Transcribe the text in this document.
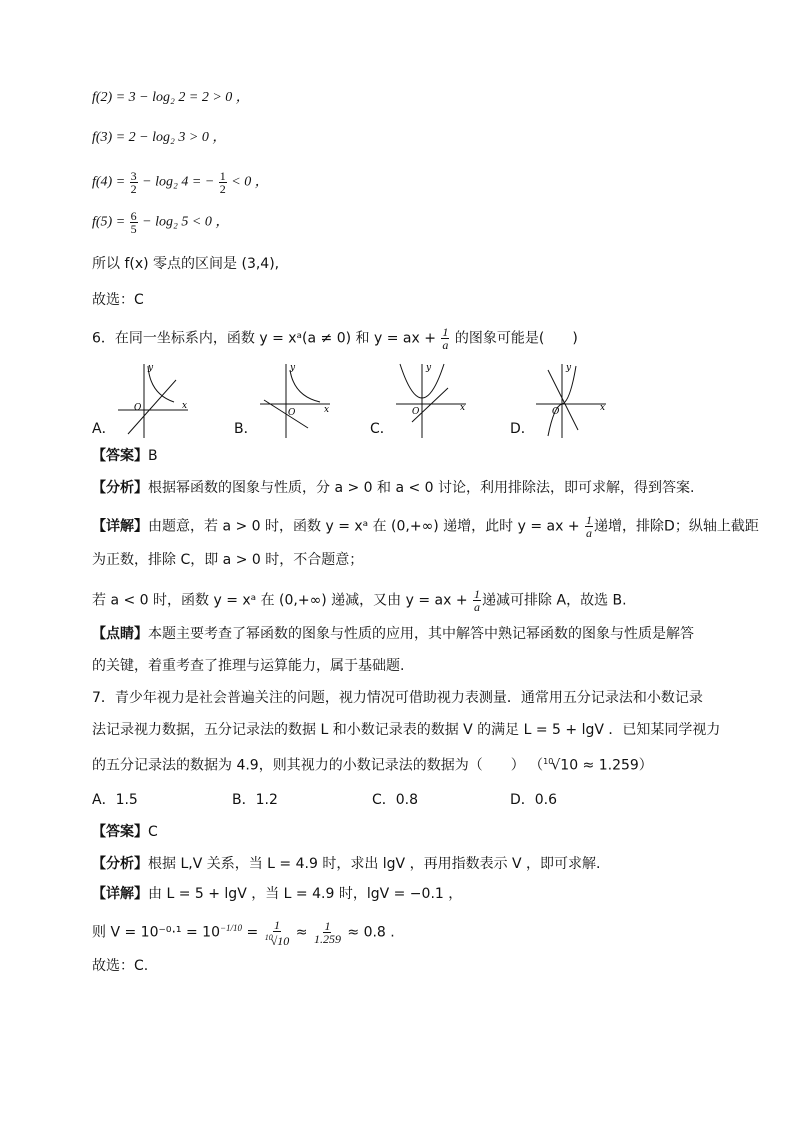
f(2) = 3 − log₂ 2 = 2 > 0 ，
f(3) = 2 − log₂ 3 > 0 ，
$f(4) = \frac{3}{2} - \log_2$ 4 = − $\frac{1}{2} < 0$ ，
$f(5) = \frac{6}{5} - \log_2$ 5 < 0 ，
所以 f(x) 零点的区间是 (3,4),
故选：C
6．在同一坐标系内，函数 y = xᵃ(a ≠ 0) 和 y = ax + $\frac{1}{a}$ 的图象可能是(　　)
A．
y
x
O
B．
y
x
O
C．
y
x
O
D．
y
x
O
【答案】B
【分析】根据幂函数的图象与性质，分 a > 0 和 a < 0 讨论，利用排除法，即可求解，得到答案.
【详解】由题意，若 a > 0 时，函数 y = xᵃ 在 (0,+∞) 递增，此时 y = ax + $\frac{1}{a}$ 递增，排除D；纵轴上截距
为正数，排除 C，即 a > 0 时，不合题意；
若 a < 0 时，函数 y = xᵃ 在 (0,+∞) 递减，又由 y = ax + $\frac{1}{a}$ 递减可排除 A，故选 B.
【点睛】本题主要考查了幂函数的图象与性质的应用，其中解答中熟记幂函数的图象与性质是解答
的关键，着重考查了推理与运算能力，属于基础题.
7．青少年视力是社会普遍关注的问题，视力情况可借助视力表测量．通常用五分记录法和小数记录
法记录视力数据，五分记录法的数据 L 和小数记录表的数据 V 的满足 L = 5 + lgV ．已知某同学视力
的五分记录法的数据为 4.9，则其视力的小数记录法的数据为（　　） （$^{10}$√10 ≈ 1.259）
A．1.5	B．1.2	C．0.8	D．0.6
【答案】C
【分析】根据 L,V 关系，当 L = 4.9 时，求出 lgV ，再用指数表示 V ，即可求解.
【详解】由 L = 5 + lgV ，当 L = 4.9 时，lgV = −0.1 ，
则 $V = 10^{-0}\cdot^1 = 10^{-1/10} = \frac{1}{^{10}√10} \approx \frac{1}{1.259} \approx 0.8$ .
故选：C.
